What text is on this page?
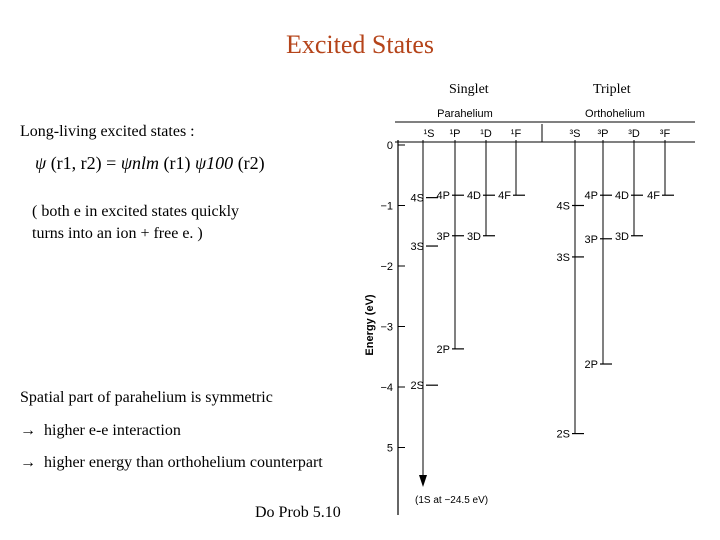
Excited States
Singlet	Triplet
Long-living excited states :
ψ (r1, r2) = ψnlm (r1) ψ100 (r2)
( both e in excited states quickly
turns into an ion + free e. )
Spatial part of parahelium is symmetric
→ higher e-e interaction
→ higher energy than orthohelium counterpart
Do Prob 5.10
Parahelium	Orthohelium
¹S ¹P ¹D ¹F	³S ³P ³D ³F
Energy (eV)
0
−1
−2
−3
−4
5
4S
3S
2S
4P
3P
2P
4D
3D
4F
4S
3S
2S
4P
3P
2P
4D
3D
4F
(1S at −24.5 eV)
